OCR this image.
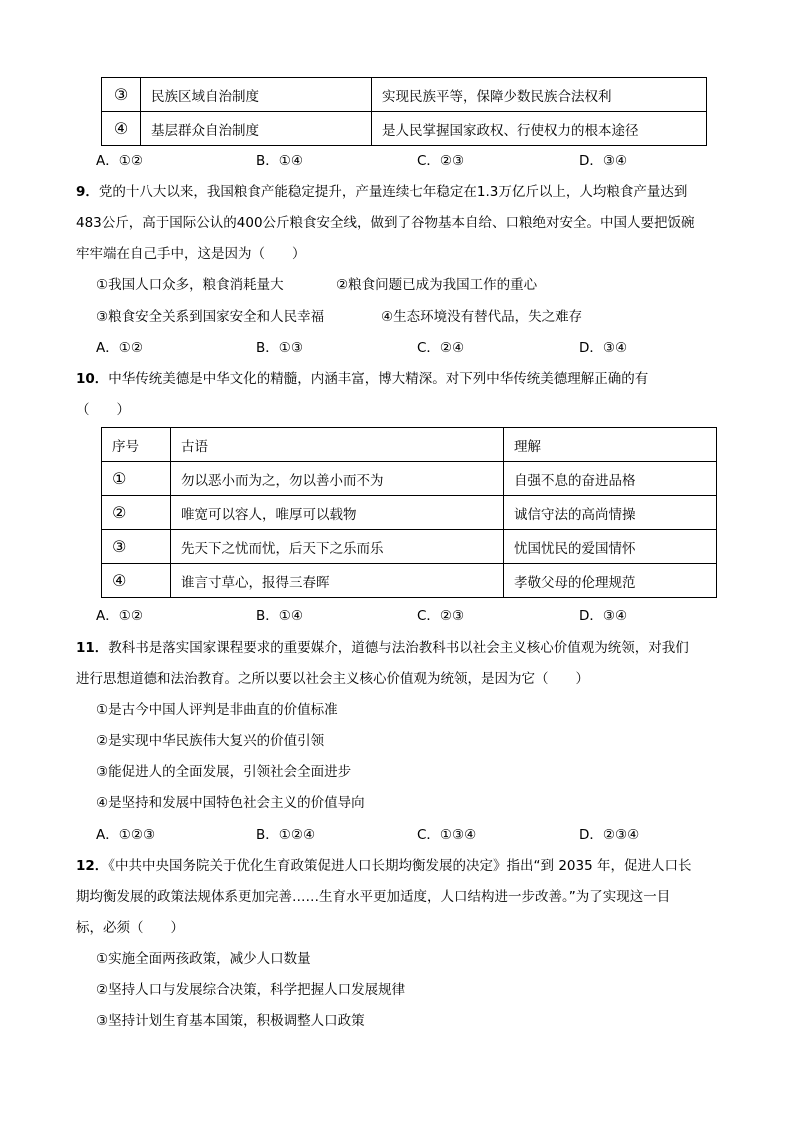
③	民族区域自治制度	实现民族平等，保障少数民族合法权利
④	基层群众自治制度	是人民掌握国家政权、行使权力的根本途径
A．①②	B．①④	C．②③	D．③④
9．党的十八大以来，我国粮食产能稳定提升，产量连续七年稳定在1.3万亿斤以上，人均粮食产量达到
483公斤，高于国际公认的400公斤粮食安全线，做到了谷物基本自给、口粮绝对安全。中国人要把饭碗
牢牢端在自己手中，这是因为（　　）
①我国人口众多，粮食消耗量大	②粮食问题已成为我国工作的重心
③粮食安全关系到国家安全和人民幸福	④生态环境没有替代品，失之难存
A．①②	B．①③	C．②④	D．③④
10．中华传统美德是中华文化的精髓，内涵丰富，博大精深。对下列中华传统美德理解正确的有
（　　）
序号	古语	理解
①	勿以恶小而为之，勿以善小而不为	自强不息的奋进品格
②	唯宽可以容人，唯厚可以载物	诚信守法的高尚情操
③	先天下之忧而忧，后天下之乐而乐	忧国忧民的爱国情怀
④	谁言寸草心，报得三春晖	孝敬父母的伦理规范
A．①②	B．①④	C．②③	D．③④
11．教科书是落实国家课程要求的重要媒介，道德与法治教科书以社会主义核心价值观为统领，对我们
进行思想道德和法治教育。之所以要以社会主义核心价值观为统领，是因为它（　　）
①是古今中国人评判是非曲直的价值标准
②是实现中华民族伟大复兴的价值引领
③能促进人的全面发展，引领社会全面进步
④是坚持和发展中国特色社会主义的价值导向
A．①②③	B．①②④	C．①③④	D．②③④
12．《中共中央国务院关于优化生育政策促进人口长期均衡发展的决定》指出“到 2035 年，促进人口长
期均衡发展的政策法规体系更加完善……生育水平更加适度，人口结构进一步改善。”为了实现这一目
标，必须（　　）
①实施全面两孩政策，减少人口数量
②坚持人口与发展综合决策，科学把握人口发展规律
③坚持计划生育基本国策，积极调整人口政策
